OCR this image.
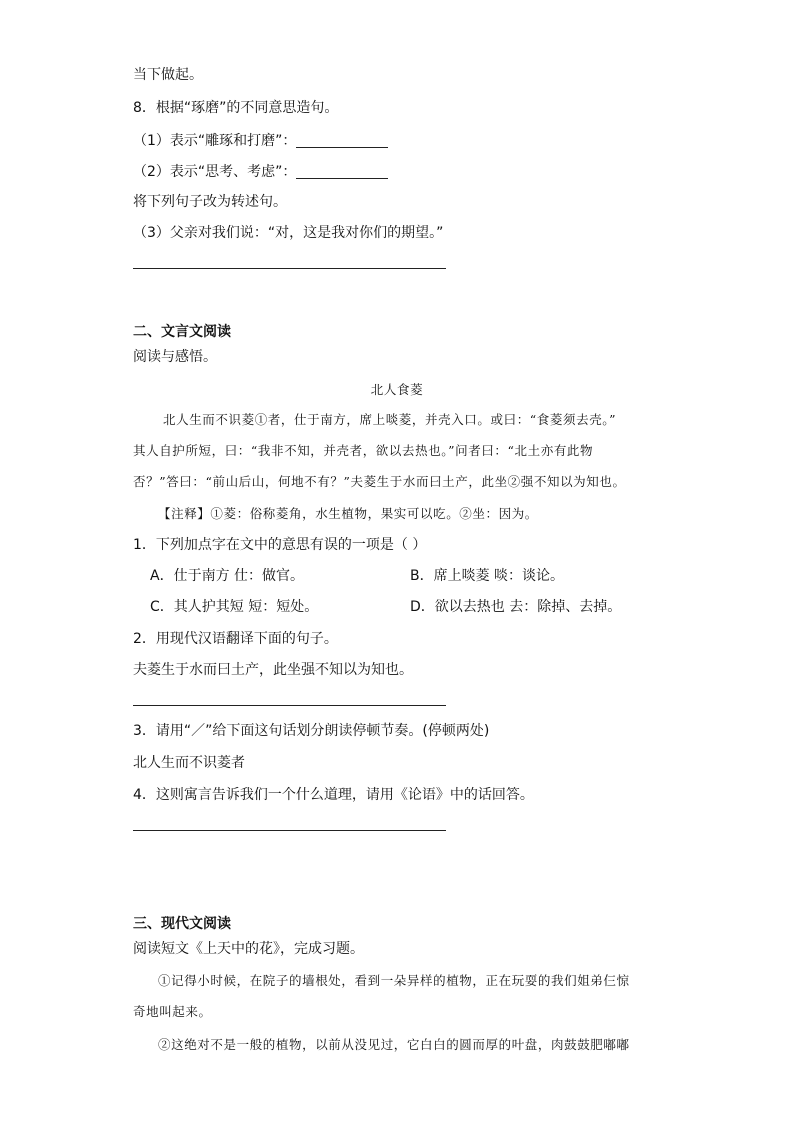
当下做起。
8．根据“琢磨”的不同意思造句。
（1）表示“雕琢和打磨”：
（2）表示“思考、考虑”：
将下列句子改为转述句。
（3）父亲对我们说：“对，这是我对你们的期望。”
二、文言文阅读
阅读与感悟。
北人食菱
北人生而不识菱①者，仕于南方，席上啖菱，并壳入口。或曰：“食菱须去壳。”
其人自护所短，曰：“我非不知，并壳者，欲以去热也。”问者曰：“北土亦有此物
否？”答曰：“前山后山，何地不有？”夫菱生于水而曰土产，此坐②强不知以为知也。
【注释】①菱：俗称菱角，水生植物，果实可以吃。②坐：因为。
1．下列加点字在文中的意思有误的一项是（ ）
A．仕于南方 仕：做官。	B．席上啖菱 啖：谈论。
C．其人护其短 短：短处。	D．欲以去热也 去：除掉、去掉。
2．用现代汉语翻译下面的句子。
夫菱生于水而曰土产，此坐强不知以为知也。
3．请用“／”给下面这句话划分朗读停顿节奏。(停顿两处)
北人生而不识菱者
4．这则寓言告诉我们一个什么道理，请用《论语》中的话回答。
三、现代文阅读
阅读短文《上天中的花》，完成习题。
①记得小时候，在院子的墙根处，看到一朵异样的植物，正在玩耍的我们姐弟仨惊
奇地叫起来。
②这绝对不是一般的植物，以前从没见过，它白白的圆而厚的叶盘，肉鼓鼓肥嘟嘟
